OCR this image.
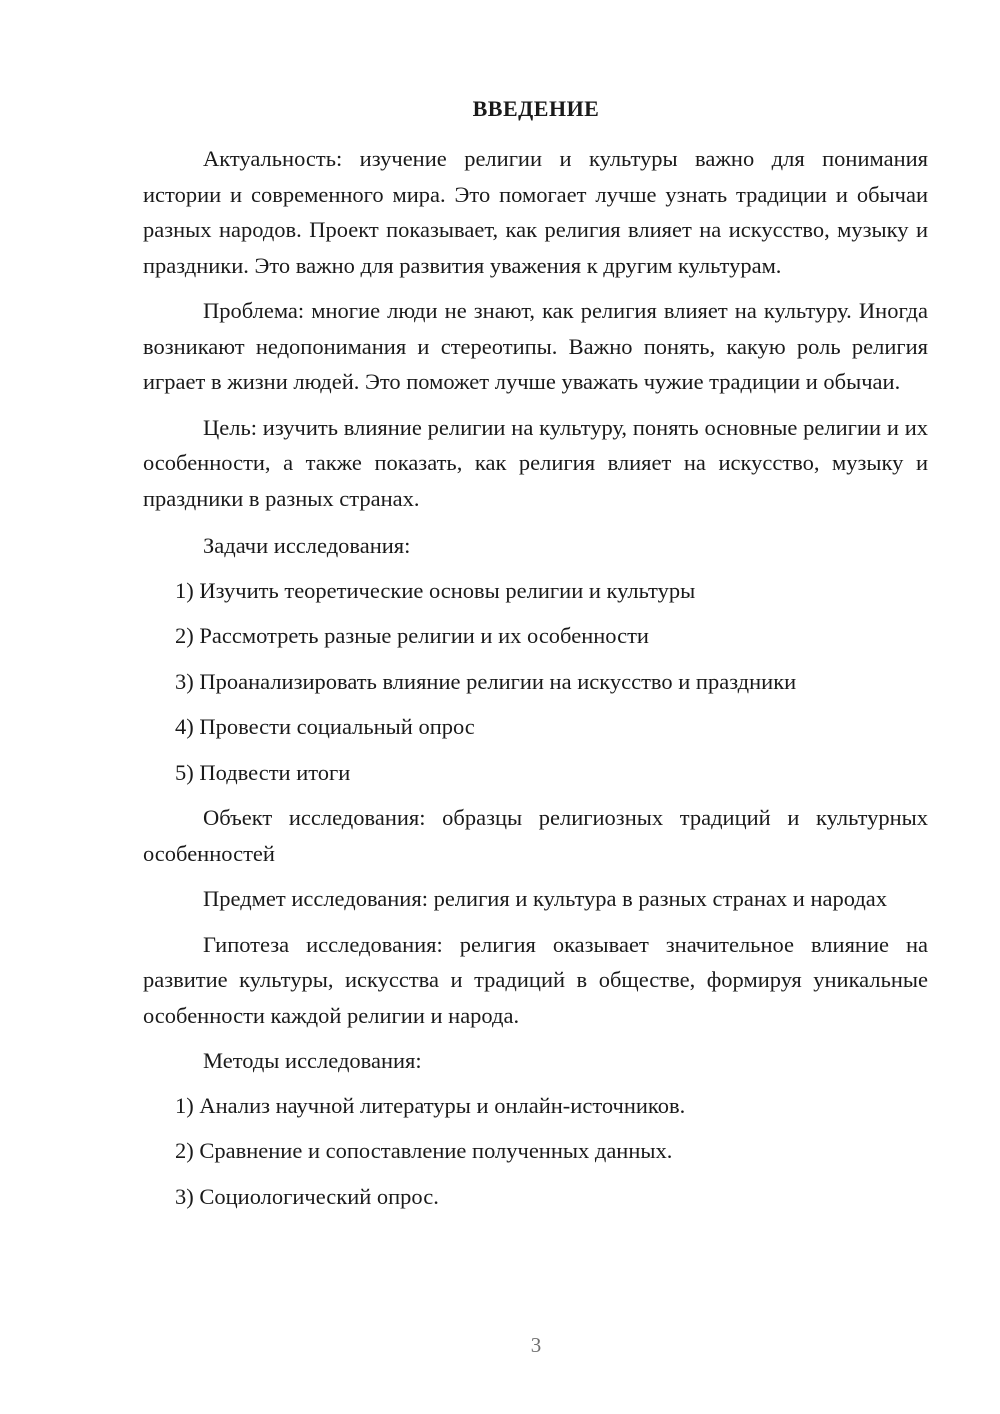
ВВЕДЕНИЕ

Актуальность: изучение религии и культуры важно для понимания истории и современного мира. Это помогает лучше узнать традиции и обычаи разных народов. Проект показывает, как религия влияет на искусство, музыку и праздники. Это важно для развития уважения к другим культурам.

Проблема: многие люди не знают, как религия влияет на культуру. Иногда возникают недопонимания и стереотипы. Важно понять, какую роль религия играет в жизни людей. Это поможет лучше уважать чужие традиции и обычаи.

Цель: изучить влияние религии на культуру, понять основные религии и их особенности, а также показать, как религия влияет на искусство, музыку и праздники в разных странах.

Задачи исследования:

1) Изучить теоретические основы религии и культуры
2) Рассмотреть разные религии и их особенности
3) Проанализировать влияние религии на искусство и праздники
4) Провести социальный опрос
5) Подвести итоги

Объект исследования: образцы религиозных традиций и культурных особенностей

Предмет исследования: религия и культура в разных странах и народах

Гипотеза исследования: религия оказывает значительное влияние на развитие культуры, искусства и традиций в обществе, формируя уникальные особенности каждой религии и народа.

Методы исследования:

1) Анализ научной литературы и онлайн-источников.
2) Сравнение и сопоставление полученных данных.
3) Социологический опрос.
3
